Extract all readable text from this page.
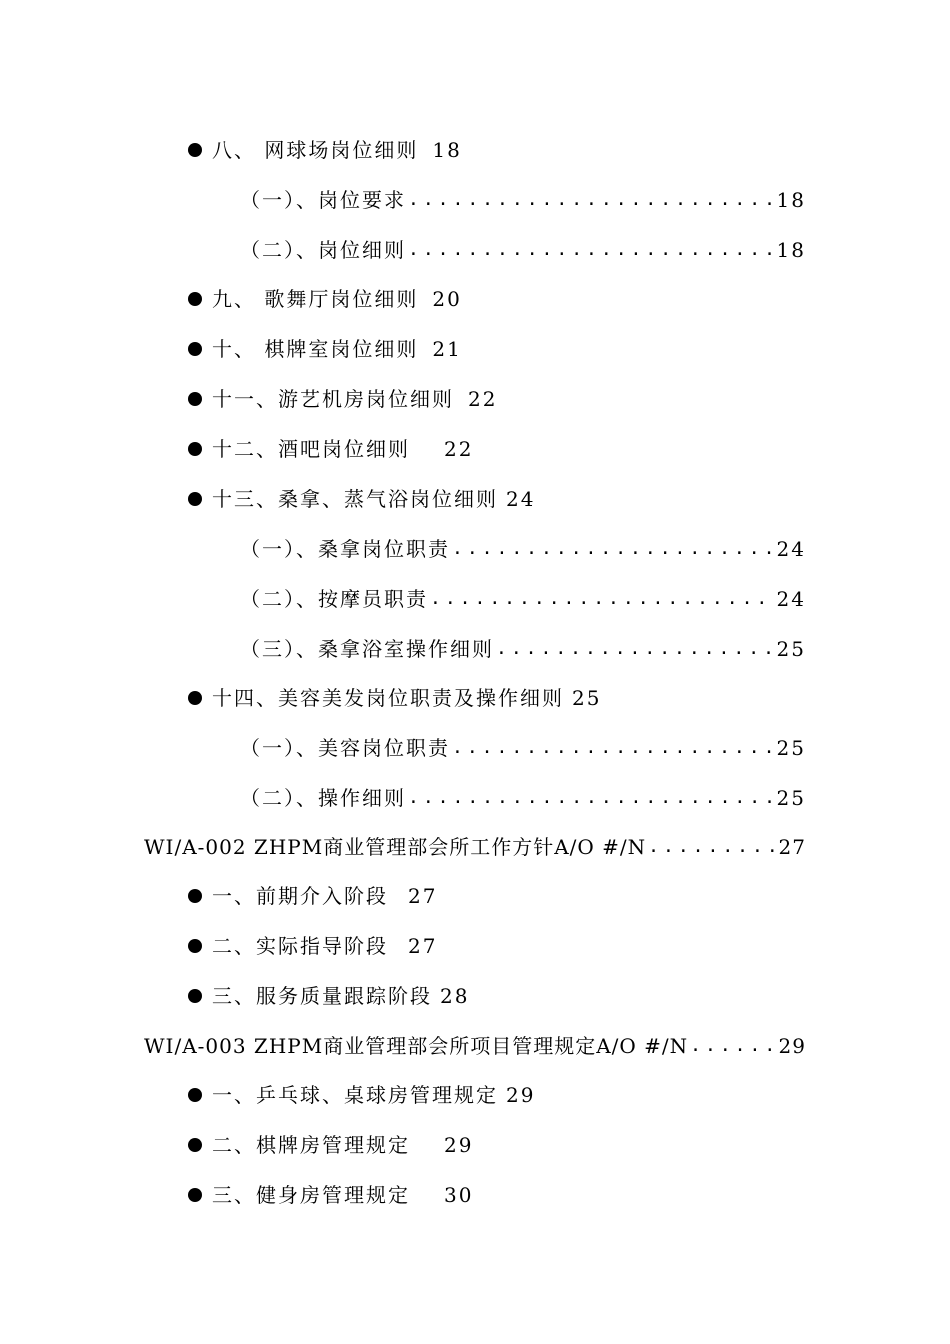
八、 网球场岗位细则 18
（一）、岗位要求 .....	18
（二）、岗位细则 .....	18
九、 歌舞厅岗位细则 20
十、 棋牌室岗位细则 21
十一、游艺机房岗位细则 22
十二、酒吧岗位细则 22
十三、桑拿、蒸气浴岗位细则 24
（一）、桑拿岗位职责 .....	24
（二）、按摩员职责 .....	24
（三）、桑拿浴室操作细则 .....	25
十四、美容美发岗位职责及操作细则 25
（一）、美容岗位职责 .....	25
（二）、操作细则 .....	25
WI/A-002 ZHPM商业管理部会所工作方针A/O #/N .....	27
一、前期介入阶段 27
二、实际指导阶段 27
三、服务质量跟踪阶段 28
WI/A-003 ZHPM商业管理部会所项目管理规定A/O #/N .....	29
一、乒乓球、桌球房管理规定 29
二、棋牌房管理规定 29
三、健身房管理规定 30
